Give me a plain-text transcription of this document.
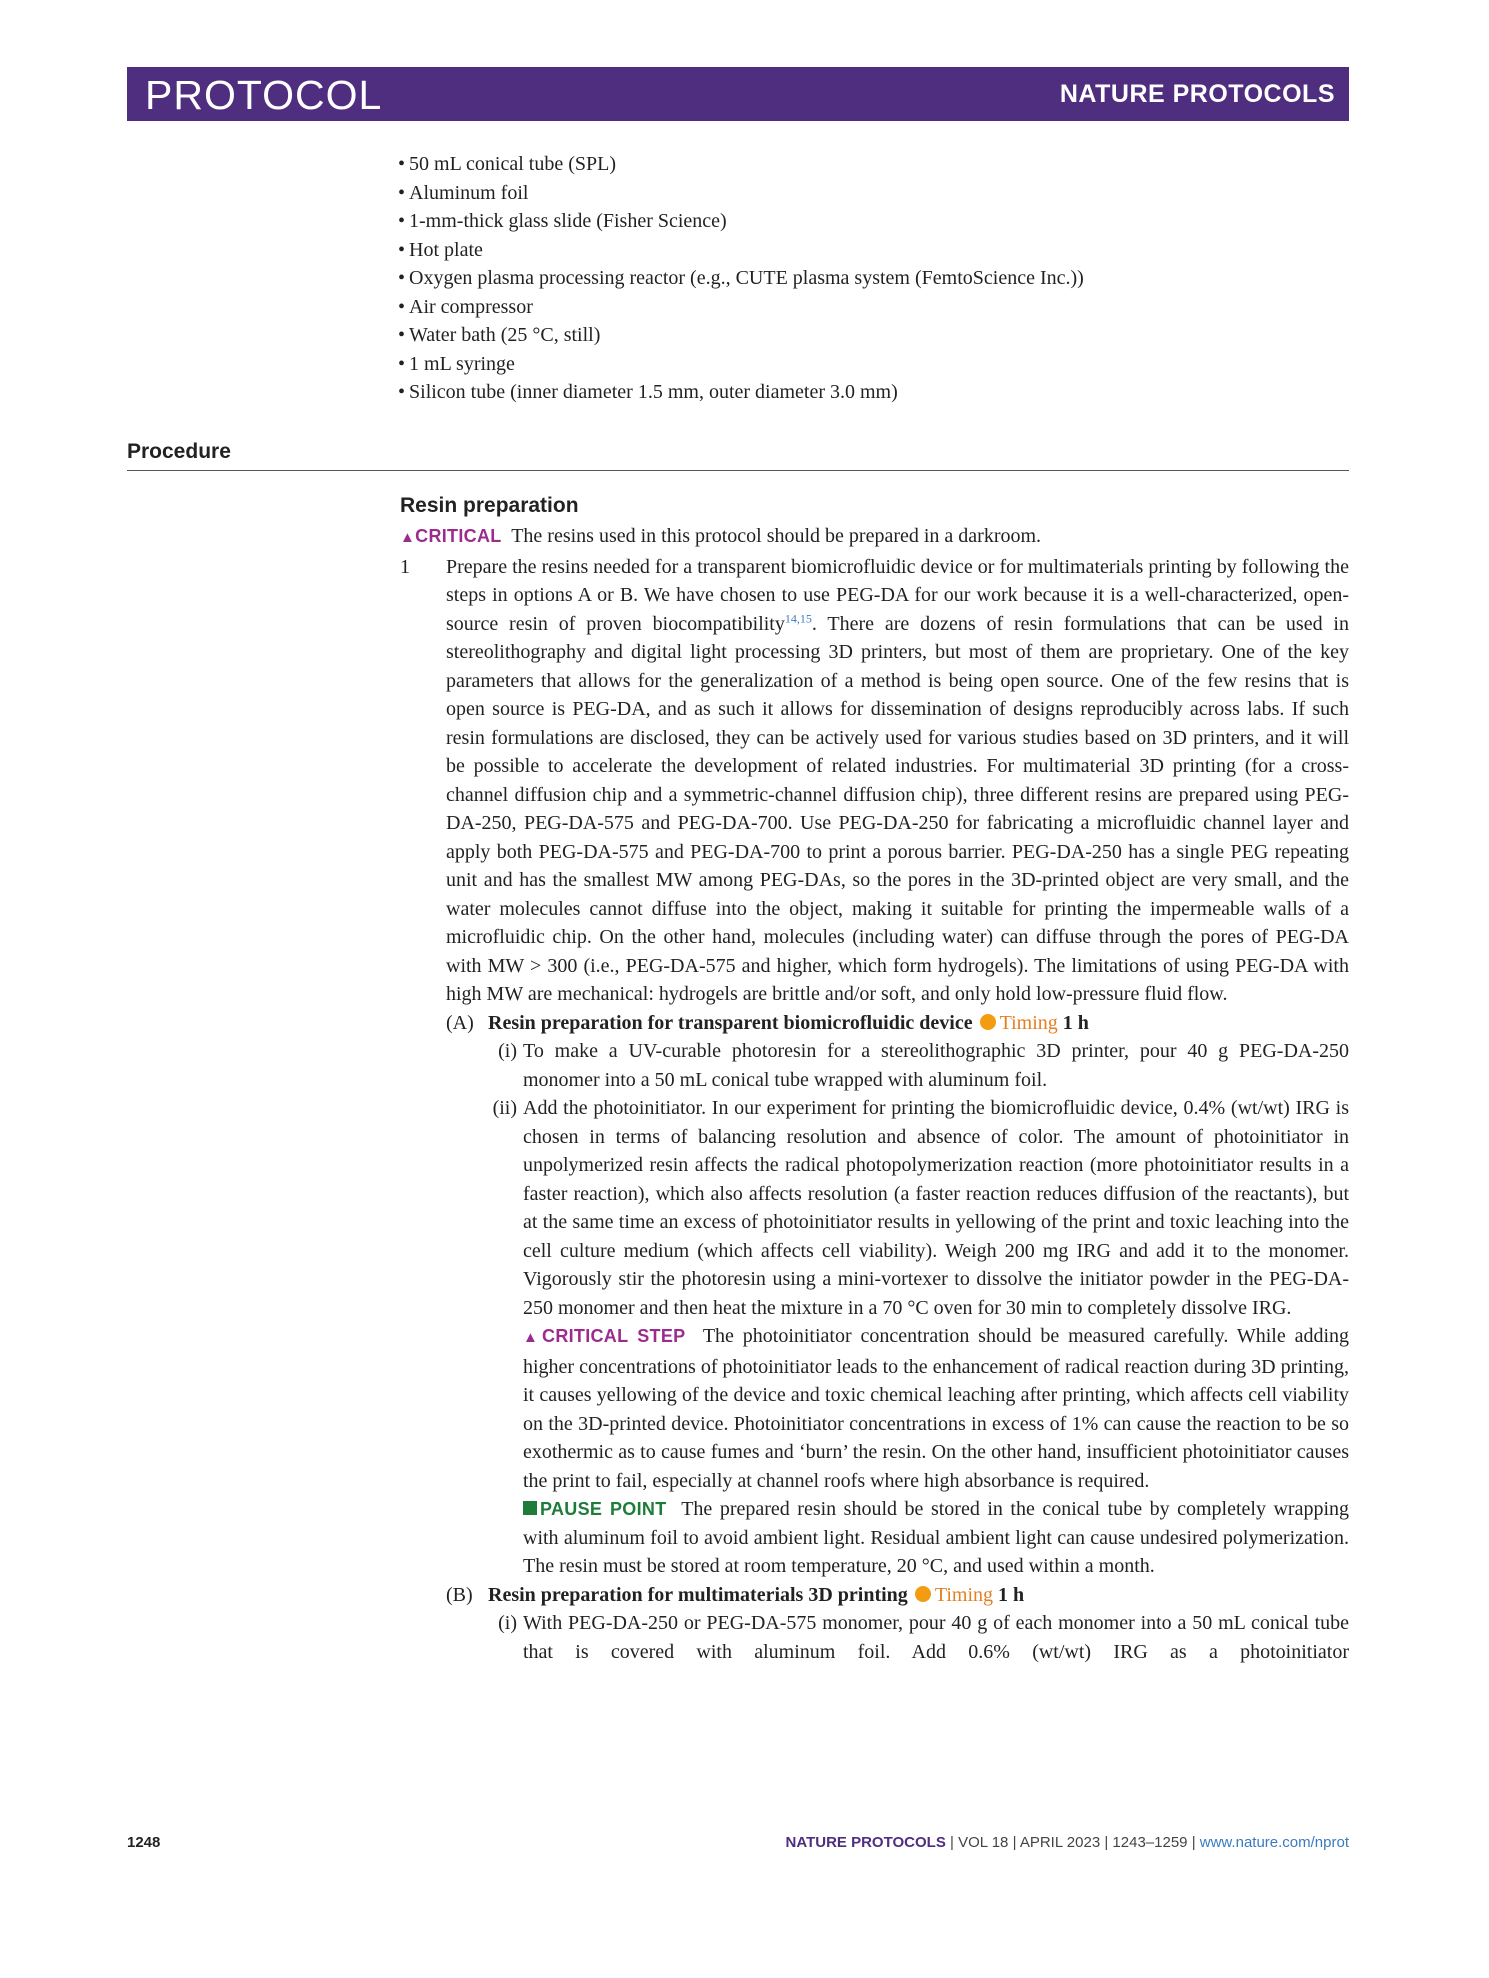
PROTOCOL	NATURE PROTOCOLS
• 50 mL conical tube (SPL)
• Aluminum foil
• 1-mm-thick glass slide (Fisher Science)
• Hot plate
• Oxygen plasma processing reactor (e.g., CUTE plasma system (FemtoScience Inc.))
• Air compressor
• Water bath (25 °C, still)
• 1 mL syringe
• Silicon tube (inner diameter 1.5 mm, outer diameter 3.0 mm)
Procedure
Resin preparation

▲CRITICAL The resins used in this protocol should be prepared in a darkroom.

1 Prepare the resins needed for a transparent biomicrofluidic device or for multimaterials printing by following the steps in options A or B. We have chosen to use PEG-DA for our work because it is a well-characterized, open-source resin of proven biocompatibility$^{14,15}$. There are dozens of resin formulations that can be used in stereolithography and digital light processing 3D printers, but most of them are proprietary. One of the key parameters that allows for the generalization of a method is being open source. One of the few resins that is open source is PEG-DA, and as such it allows for dissemination of designs reproducibly across labs. If such resin formulations are disclosed, they can be actively used for various studies based on 3D printers, and it will be possible to accelerate the development of related industries. For multimaterial 3D printing (for a cross-channel diffusion chip and a symmetric-channel diffusion chip), three different resins are prepared using PEG-DA-250, PEG-DA-575 and PEG-DA-700. Use PEG-DA-250 for fabricating a microfluidic channel layer and apply both PEG-DA-575 and PEG-DA-700 to print a porous barrier. PEG-DA-250 has a single PEG repeating unit and has the smallest MW among PEG-DAs, so the pores in the 3D-printed object are very small, and the water molecules cannot diffuse into the object, making it suitable for printing the impermeable walls of a microfluidic chip. On the other hand, molecules (including water) can diffuse through the pores of PEG-DA with MW > 300 (i.e., PEG-DA-575 and higher, which form hydrogels). The limitations of using PEG-DA with high MW are mechanical: hydrogels are brittle and/or soft, and only hold low-pressure fluid flow.

(A) Resin preparation for transparent biomicrofluidic device Timing 1 h

(i) To make a UV-curable photoresin for a stereolithographic 3D printer, pour 40 g PEG-DA-250 monomer into a 50 mL conical tube wrapped with aluminum foil.

(ii) Add the photoinitiator. In our experiment for printing the biomicrofluidic device, 0.4% (wt/wt) IRG is chosen in terms of balancing resolution and absence of color. The amount of photoinitiator in unpolymerized resin affects the radical photopolymerization reaction (more photoinitiator results in a faster reaction), which also affects resolution (a faster reaction reduces diffusion of the reactants), but at the same time an excess of photoinitiator results in yellowing of the print and toxic leaching into the cell culture medium (which affects cell viability). Weigh 200 mg IRG and add it to the monomer. Vigorously stir the photoresin using a mini-vortexer to dissolve the initiator powder in the PEG-DA-250 monomer and then heat the mixture in a 70 °C oven for 30 min to completely dissolve IRG.

▲CRITICAL STEP The photoinitiator concentration should be measured carefully. While adding higher concentrations of photoinitiator leads to the enhancement of radical reaction during 3D printing, it causes yellowing of the device and toxic chemical leaching after printing, which affects cell viability on the 3D-printed device. Photoinitiator concentrations in excess of 1% can cause the reaction to be so exothermic as to cause fumes and ‘burn’ the resin. On the other hand, insufficient photoinitiator causes the print to fail, especially at channel roofs where high absorbance is required.

PAUSE POINT The prepared resin should be stored in the conical tube by completely wrapping with aluminum foil to avoid ambient light. Residual ambient light can cause undesired polymerization. The resin must be stored at room temperature, 20 °C, and used within a month.

(B) Resin preparation for multimaterials 3D printing Timing 1 h

(i) With PEG-DA-250 or PEG-DA-575 monomer, pour 40 g of each monomer into a 50 mL conical tube that is covered with aluminum foil. Add 0.6% (wt/wt) IRG as a photoinitiator

1248	NATURE PROTOCOLS | VOL 18 | APRIL 2023 | 1243–1259 | www.nature.com/nprot
